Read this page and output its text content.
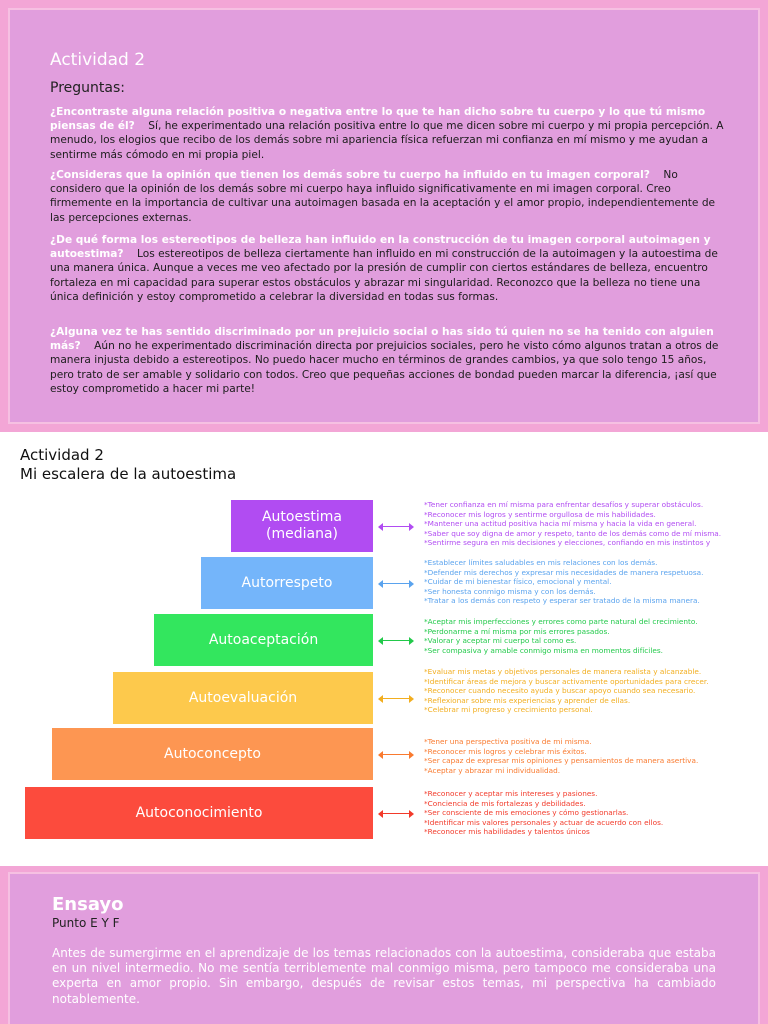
Actividad 2
Preguntas:
¿Encontraste alguna relación positiva o negativa entre lo que te han dicho sobre tu cuerpo y lo que tú mismo piensas de él? Sí, he experimentado una relación positiva entre lo que me dicen sobre mi cuerpo y mi propia percepción. A menudo, los elogios que recibo de los demás sobre mi apariencia física refuerzan mi confianza en mí mismo y me ayudan a sentirme más cómodo en mi propia piel.
¿Consideras que la opinión que tienen los demás sobre tu cuerpo ha influido en tu imagen corporal? No considero que la opinión de los demás sobre mi cuerpo haya influido significativamente en mi imagen corporal. Creo firmemente en la importancia de cultivar una autoimagen basada en la aceptación y el amor propio, independientemente de las percepciones externas.
¿De qué forma los estereotipos de belleza han influido en la construcción de tu imagen corporal autoimagen y autoestima? Los estereotipos de belleza ciertamente han influido en mi construcción de la autoimagen y la autoestima de una manera única. Aunque a veces me veo afectado por la presión de cumplir con ciertos estándares de belleza, encuentro fortaleza en mi capacidad para superar estos obstáculos y abrazar mi singularidad. Reconozco que la belleza no tiene una única definición y estoy comprometido a celebrar la diversidad en todas sus formas.
¿Alguna vez te has sentido discriminado por un prejuicio social o has sido tú quien no se ha tenido con alguien más? Aún no he experimentado discriminación directa por prejuicios sociales, pero he visto cómo algunos tratan a otros de manera injusta debido a estereotipos. No puedo hacer mucho en términos de grandes cambios, ya que solo tengo 15 años, pero trato de ser amable y solidario con todos. Creo que pequeñas acciones de bondad pueden marcar la diferencia, ¡así que estoy comprometido a hacer mi parte!
Actividad 2
Mi escalera de la autoestima
Autoestima (mediana)
*Tener confianza en mí misma para enfrentar desafíos y superar obstáculos.
*Reconocer mis logros y sentirme orgullosa de mis habilidades.
*Mantener una actitud positiva hacia mí misma y hacia la vida en general.
*Saber que soy digna de amor y respeto, tanto de los demás como de mí misma.
*Sentirme segura en mis decisiones y elecciones, confiando en mis instintos y
Autorrespeto
*Establecer límites saludables en mis relaciones con los demás.
*Defender mis derechos y expresar mis necesidades de manera respetuosa.
*Cuidar de mi bienestar físico, emocional y mental.
*Ser honesta conmigo misma y con los demás.
*Tratar a los demás con respeto y esperar ser tratado de la misma manera.
Autoaceptación
*Aceptar mis imperfecciones y errores como parte natural del crecimiento.
*Perdonarme a mí misma por mis errores pasados.
*Valorar y aceptar mi cuerpo tal como es.
*Ser compasiva y amable conmigo misma en momentos difíciles.
Autoevaluación
*Evaluar mis metas y objetivos personales de manera realista y alcanzable.
*Identificar áreas de mejora y buscar activamente oportunidades para crecer.
*Reconocer cuando necesito ayuda y buscar apoyo cuando sea necesario.
*Reflexionar sobre mis experiencias y aprender de ellas.
*Celebrar mi progreso y crecimiento personal.
Autoconcepto
*Tener una perspectiva positiva de mi misma.
*Reconocer mis logros y celebrar mis éxitos.
*Ser capaz de expresar mis opiniones y pensamientos de manera asertiva.
*Aceptar y abrazar mi individualidad.
Autoconocimiento
*Reconocer y aceptar mis intereses y pasiones.
*Conciencia de mis fortalezas y debilidades.
*Ser consciente de mis emociones y cómo gestionarlas.
*Identificar mis valores personales y actuar de acuerdo con ellos.
*Reconocer mis habilidades y talentos únicos
Ensayo
Punto E Y F
Antes de sumergirme en el aprendizaje de los temas relacionados con la autoestima, consideraba que estaba en un nivel intermedio. No me sentía terriblemente mal conmigo misma, pero tampoco me consideraba una experta en amor propio. Sin embargo, después de revisar estos temas, mi perspectiva ha cambiado notablemente.
